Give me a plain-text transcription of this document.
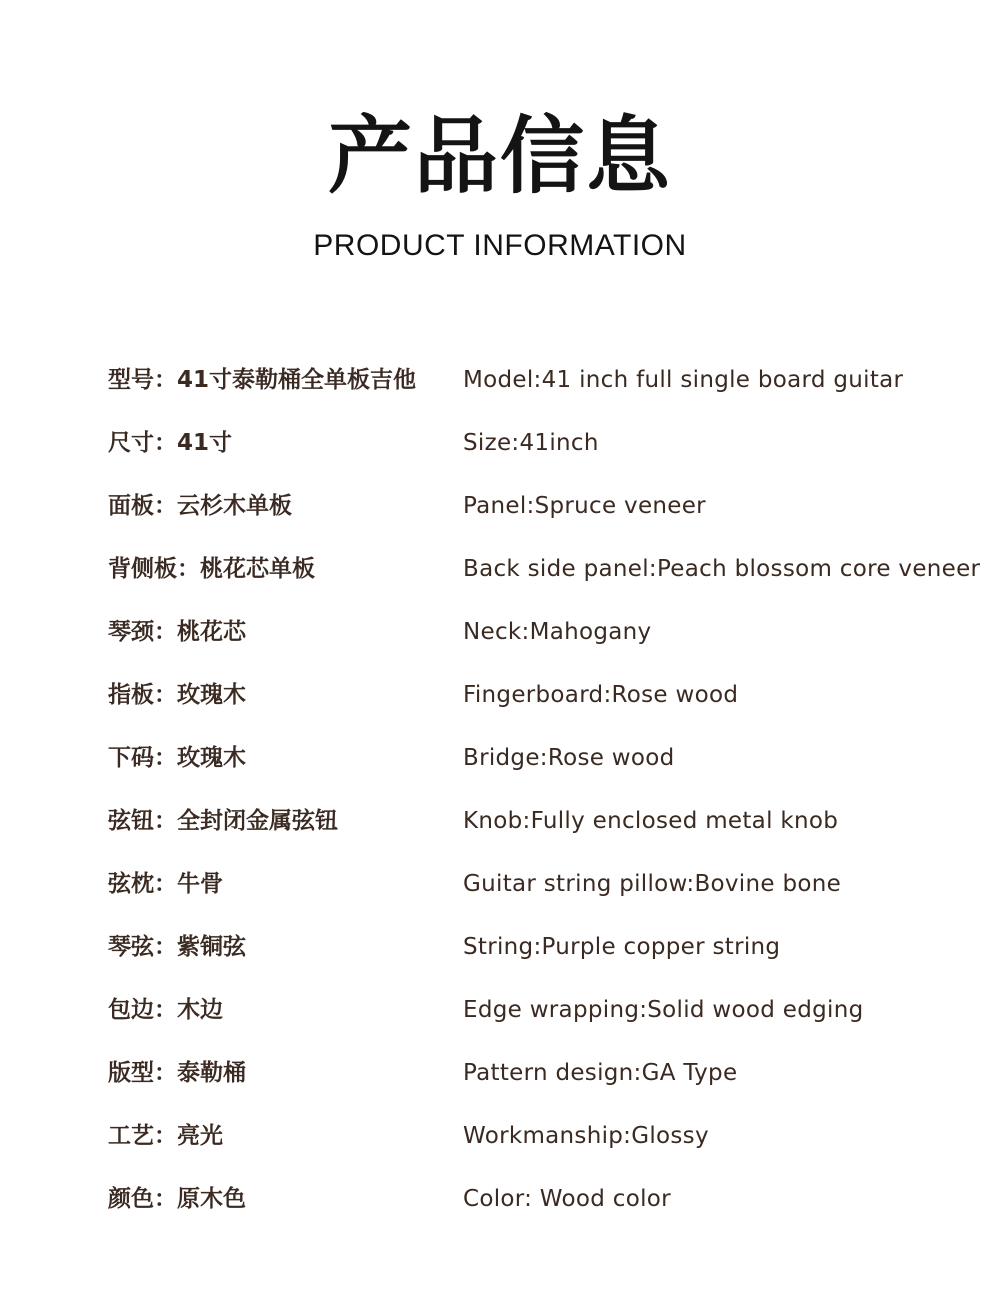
产品信息
PRODUCT INFORMATION
型号：41寸泰勒桶全单板吉他 Model:41 inch full single board guitar
尺寸：41寸	Size:41inch
面板：云杉木单板	Panel:Spruce veneer
背侧板：桃花芯单板	Back side panel:Peach blossom core veneer
琴颈：桃花芯	Neck:Mahogany
指板：玫瑰木	Fingerboard:Rose wood
下码：玫瑰木	Bridge:Rose wood
弦钮：全封闭金属弦钮	Knob:Fully enclosed metal knob
弦枕：牛骨	Guitar string pillow:Bovine bone
琴弦：紫铜弦	String:Purple copper string
包边：木边	Edge wrapping:Solid wood edging
版型：泰勒桶	Pattern design:GA Type
工艺：亮光	Workmanship:Glossy
颜色：原木色	Color: Wood color
